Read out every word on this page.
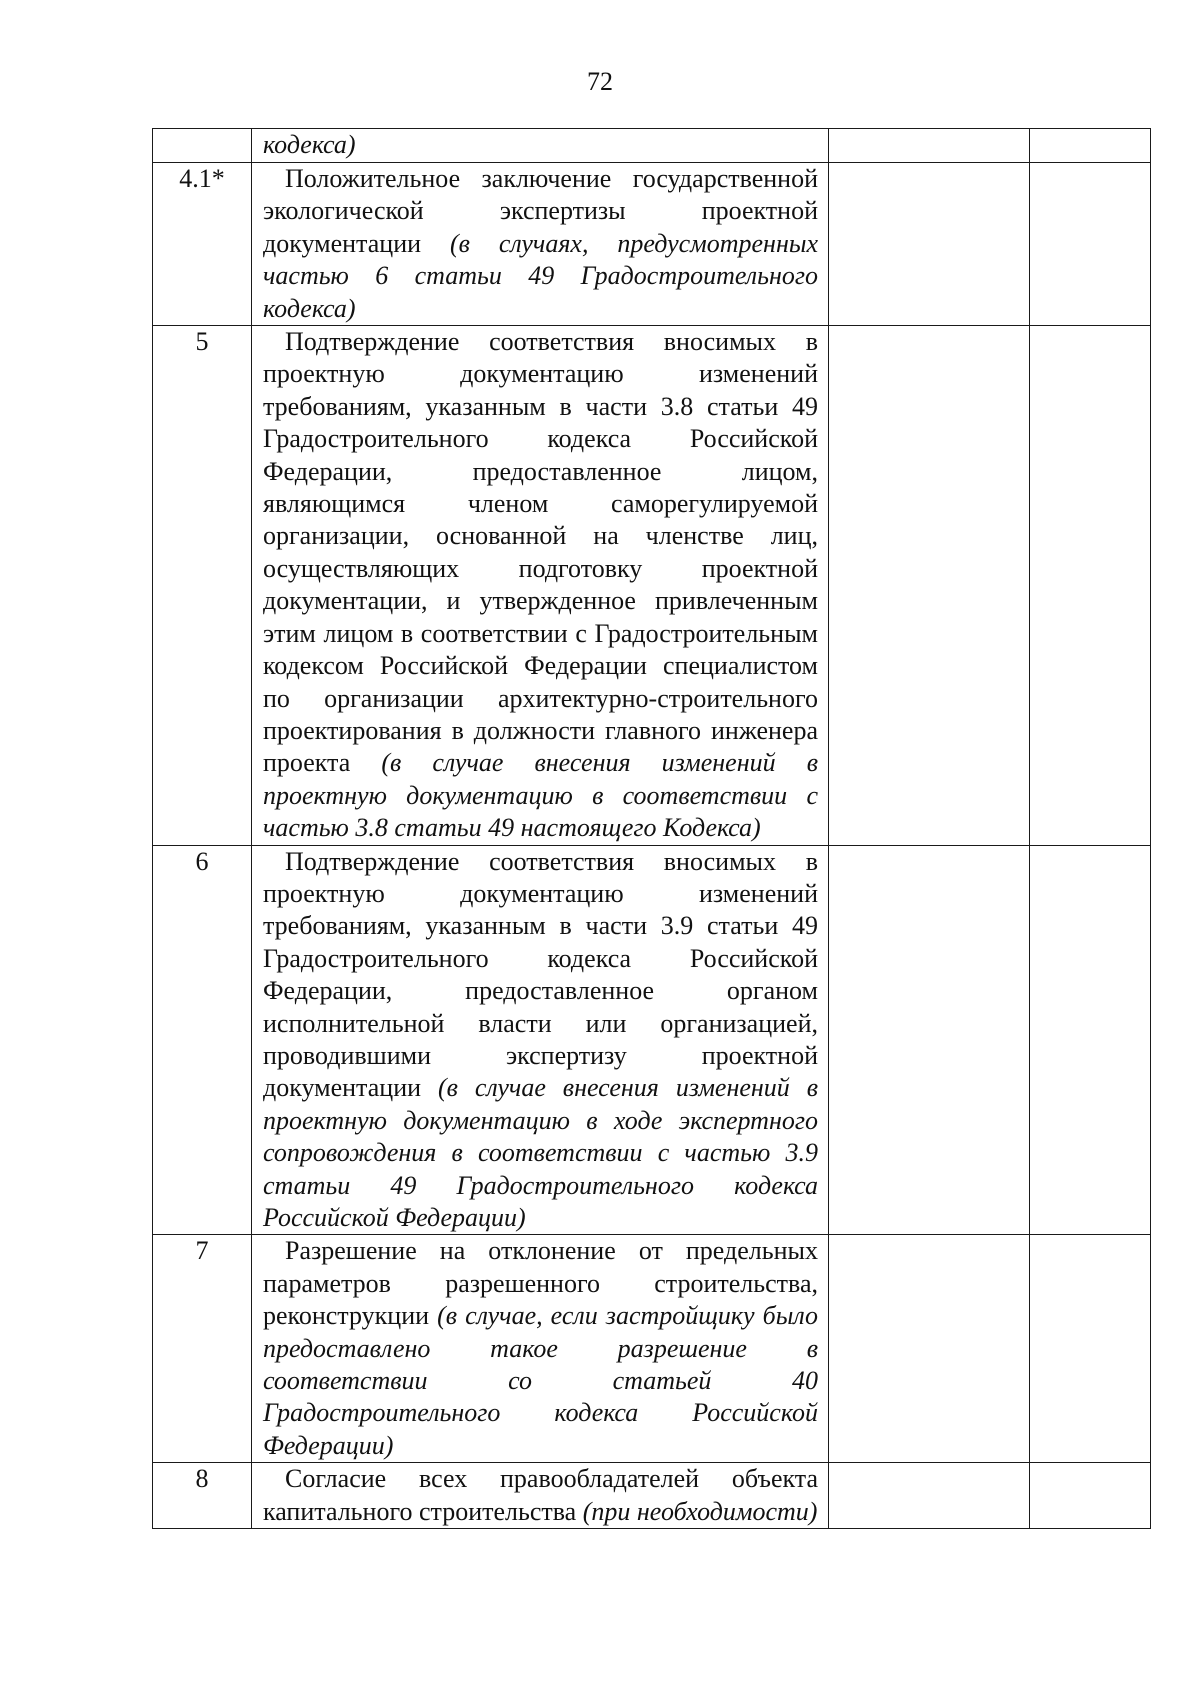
72

	кодекса)		

4.1*	Положительное заключение государственной экологической экспертизы проектной документации (в случаях, предусмотренных частью 6 статьи 49 Градостроительного кодекса)		

5	Подтверждение соответствия вносимых в проектную документацию изменений требованиям, указанным в части 3.8 статьи 49 Градостроительного кодекса Российской Федерации, предоставленное лицом, являющимся членом саморегулируемой организации, основанной на членстве лиц, осуществляющих подготовку проектной документации, и утвержденное привлеченным этим лицом в соответствии с Градостроительным кодексом Российской Федерации специалистом по организации архитектурно-строительного проектирования в должности главного инженера проекта (в случае внесения изменений в проектную документацию в соответствии с частью 3.8 статьи 49 настоящего Кодекса)		

6	Подтверждение соответствия вносимых в проектную документацию изменений требованиям, указанным в части 3.9 статьи 49 Градостроительного кодекса Российской Федерации, предоставленное органом исполнительной власти или организацией, проводившими экспертизу проектной документации (в случае внесения изменений в проектную документацию в ходе экспертного сопровождения в соответствии с частью 3.9 статьи 49 Градостроительного кодекса Российской Федерации)		

7	Разрешение на отклонение от предельных параметров разрешенного строительства, реконструкции (в случае, если застройщику было предоставлено такое разрешение в соответствии со статьей 40 Градостроительного кодекса Российской Федерации)		

8	Согласие всех правообладателей объекта капитального строительства (при необходимости)		
